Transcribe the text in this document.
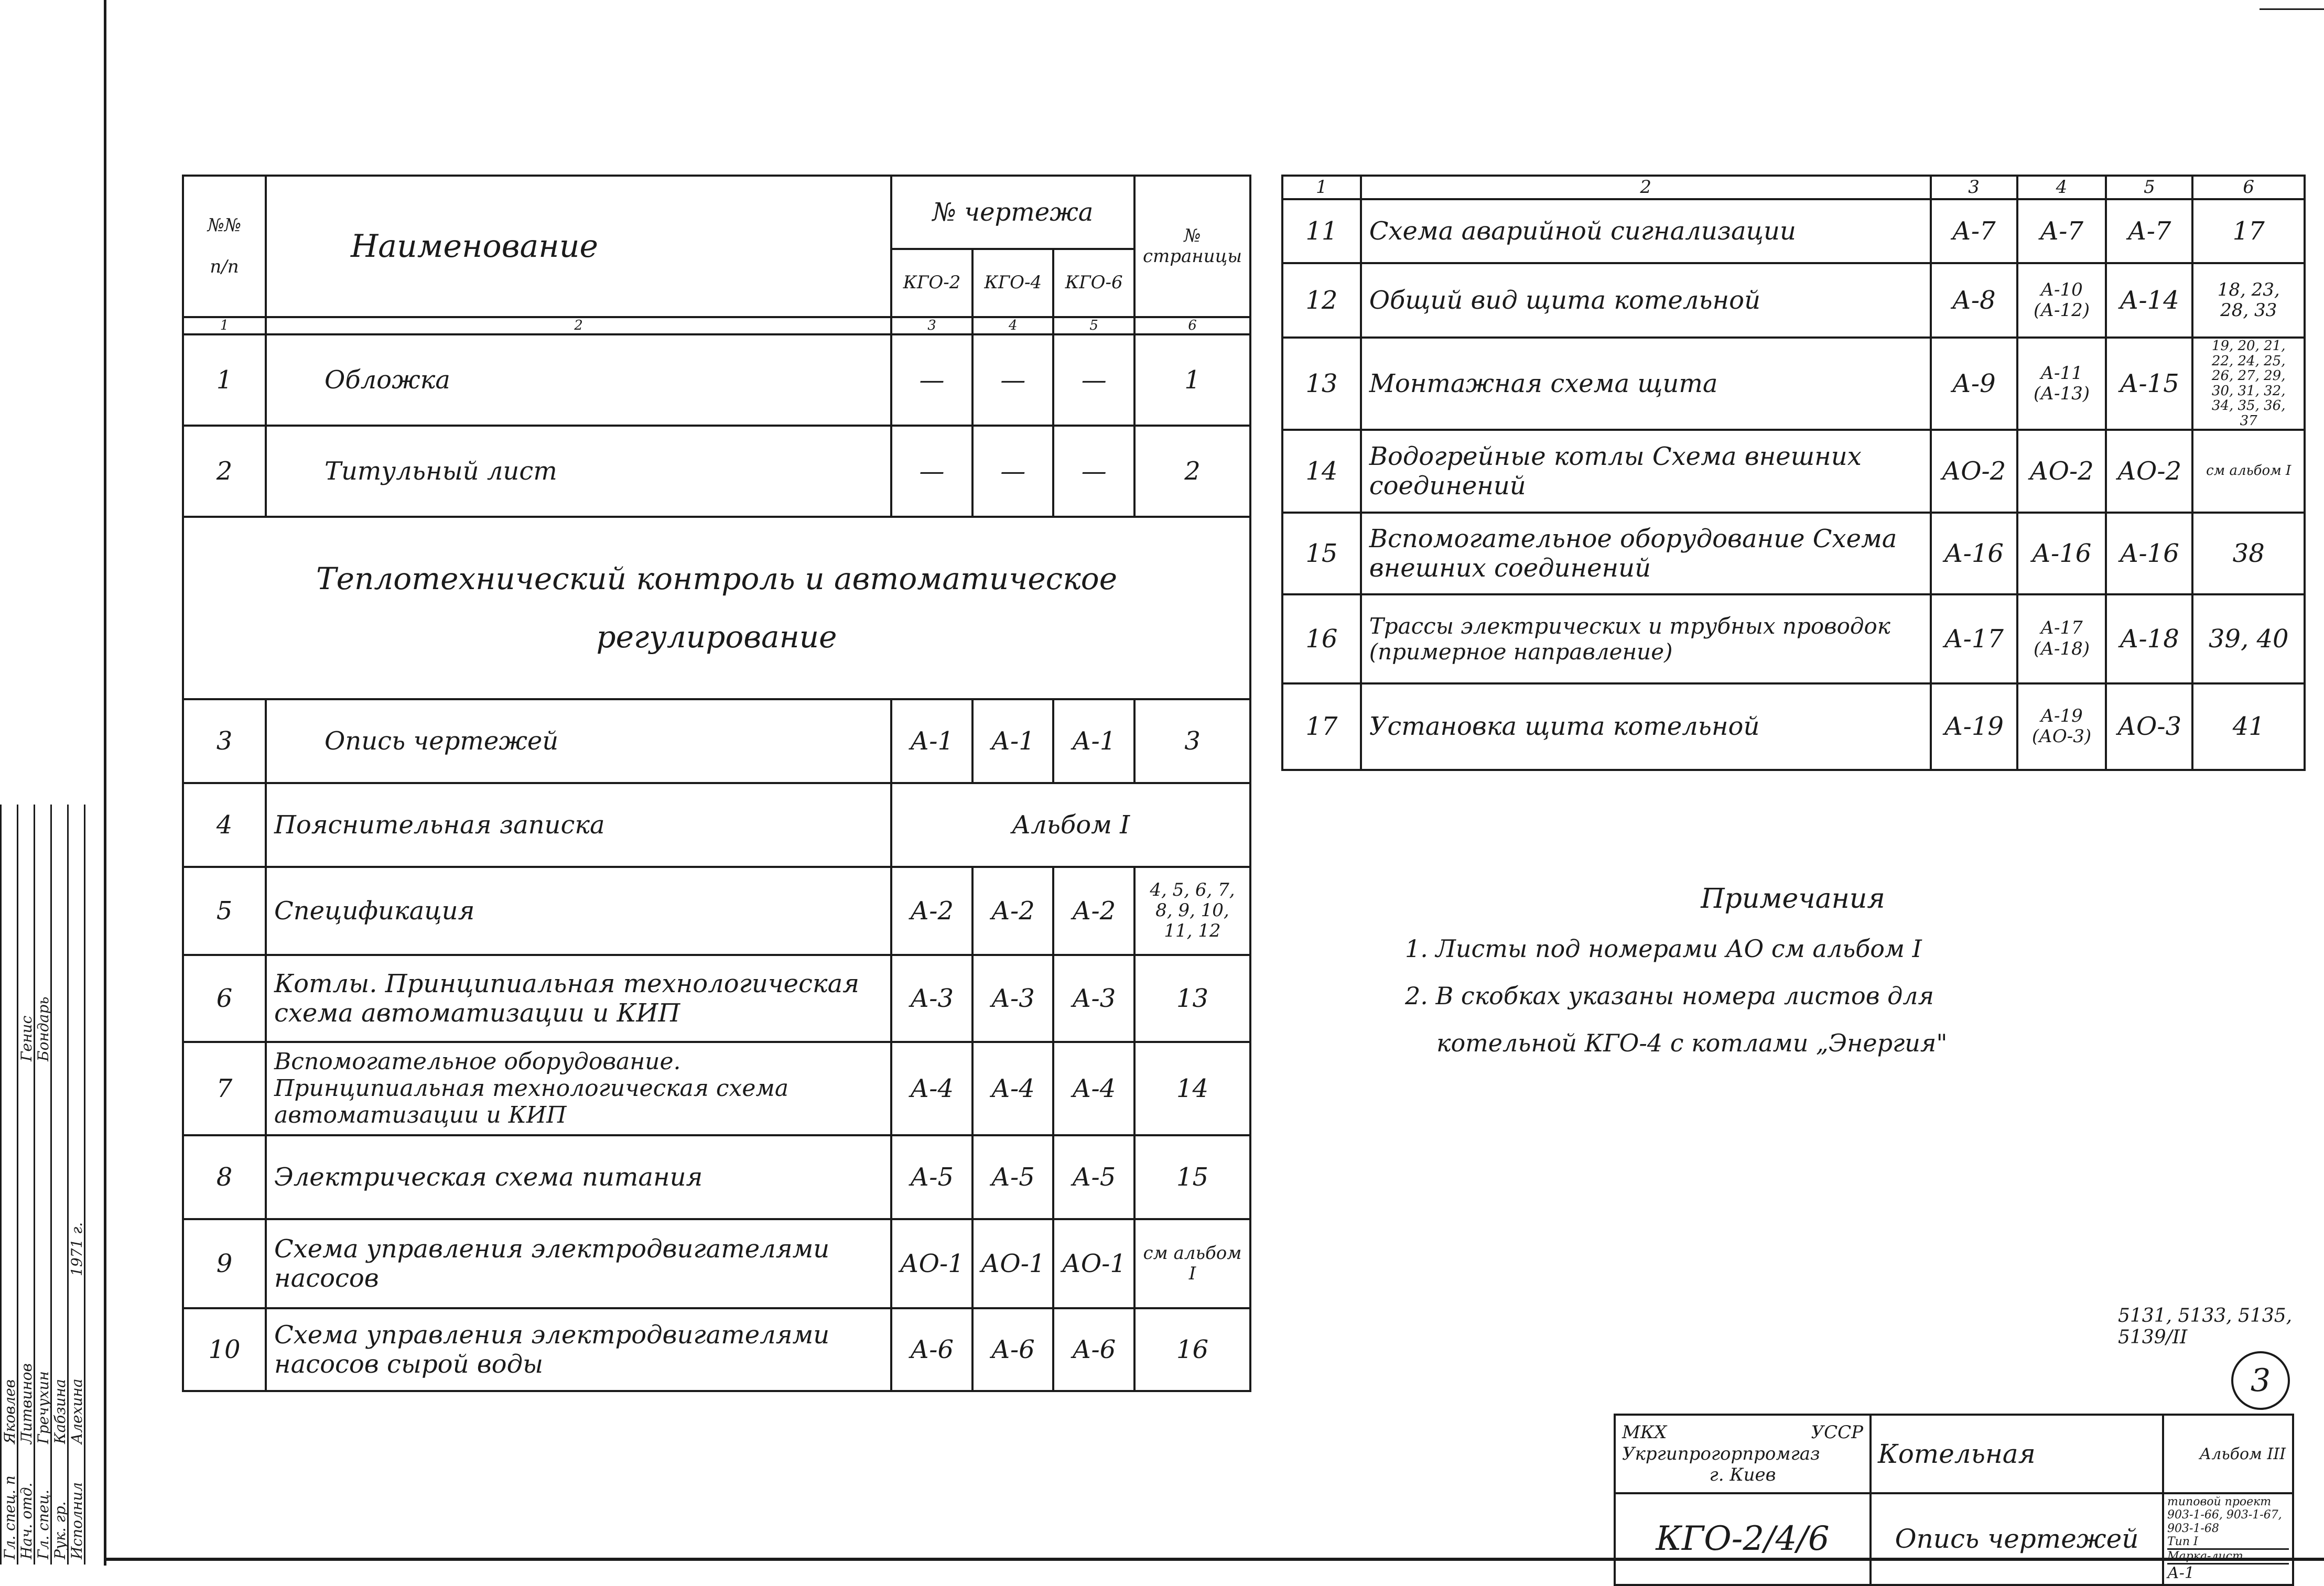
№№
п/п	Наименование	№ чертежа			№ страницы
		КГО-2	КГО-4	КГО-6	
1	2	3	4	5	6
1	Обложка	—	—	—	1
2	Титульный лист	—	—	—	2
Теплотехнический контроль и автоматическое регулирование					
3	Опись чертежей	А-1	А-1	А-1	3
4	Пояснительная записка	Альбом I			
5	Спецификация	А-2	А-2	А-2	4, 5, 6, 7, 8, 9, 10, 11, 12
6	Котлы. Принципиальная технологическая схема автоматизации и КИП	А-3	А-3	А-3	13
7	Вспомогательное оборудование. Принципиальная технологическая схема автоматизации и КИП	А-4	А-4	А-4	14
8	Электрическая схема питания	А-5	А-5	А-5	15
9	Схема управления электродвигателями насосов	АО-1	АО-1	АО-1	см альбом I
10	Схема управления электродвигателями насосов сырой воды	А-6	А-6	А-6	16
1	2	3	4	5	6
11	Схема аварийной сигнализации	А-7	А-7	А-7	17
12	Общий вид щита котельной	А-8	А-10 (А-12)	А-14	18, 23, 28, 33
13	Монтажная схема щита	А-9	А-11 (А-13)	А-15	19, 20, 21, 22, 24, 25, 26, 27, 29, 30, 31, 32, 34, 35, 36, 37
14	Водогрейные котлы Схема внешних соединений	АО-2	АО-2	АО-2	см альбом I
15	Вспомогательное оборудование Схема внешних соединений	А-16	А-16	А-16	38
16	Трассы электрических и трубных проводок (примерное направление)	А-17	А-17 (А-18)	А-18	39, 40
17	Установка щита котельной	А-19	А-19 (АО-3)	АО-3	41
Примечания
1. Листы под номерами АО см альбом I
2. В скобках указаны номера листов для
котельной КГО-4 с котлами „Энергия"
5131, 5133, 5135, 5139/II
3
МКХ УССР
Укргипрогорпромгаз
г. Киев	Котельная	Альбом III
КГО-2/4/6	Опись чертежей	типовой проект
903-1-66, 903-1-67, 903-1-68
Тип I
Марка-лист
А-1
Гл. спец. п Нач. отд. Гл. спец. Рук. гр. Исполнил
Яковлев Литвинов Гречухин Кабзина Алехина
Генис Бондарь
1971 г.
